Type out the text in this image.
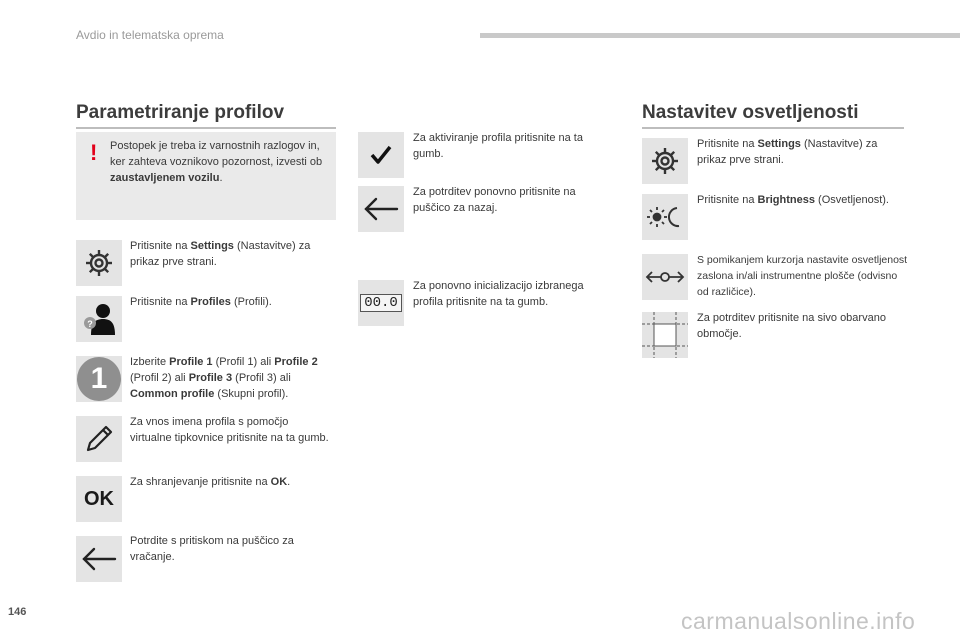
Avdio in telematska oprema
Parametriranje profilov
! Postopek je treba iz varnostnih razlogov in, ker zahteva voznikovo pozornost, izvesti ob zaustavljenem vozilu.
Pritisnite na Settings (Nastavitve) za prikaz prve strani.
?
Pritisnite na Profiles (Profili).
1	Izberite Profile 1 (Profil 1) ali Profile 2 (Profil 2) ali Profile 3 (Profil 3) ali Common profile (Skupni profil).
Za vnos imena profila s pomočjo virtualne tipkovnice pritisnite na ta gumb.
OK
Za shranjevanje pritisnite na OK.
Potrdite s pritiskom na puščico za vračanje.
Za aktiviranje profila pritisnite na ta gumb.
Za potrditev ponovno pritisnite na puščico za nazaj.
00.0
Za ponovno inicializacijo izbranega profila pritisnite na ta gumb.
Nastavitev osvetljenosti
Pritisnite na Settings (Nastavitve) za prikaz prve strani.
Pritisnite na Brightness (Osvetljenost).
S pomikanjem kurzorja nastavite osvetljenost zaslona in/ali instrumentne plošče (odvisno od različice).
Za potrditev pritisnite na sivo obarvano območje.
146	carmanualsonline.info
